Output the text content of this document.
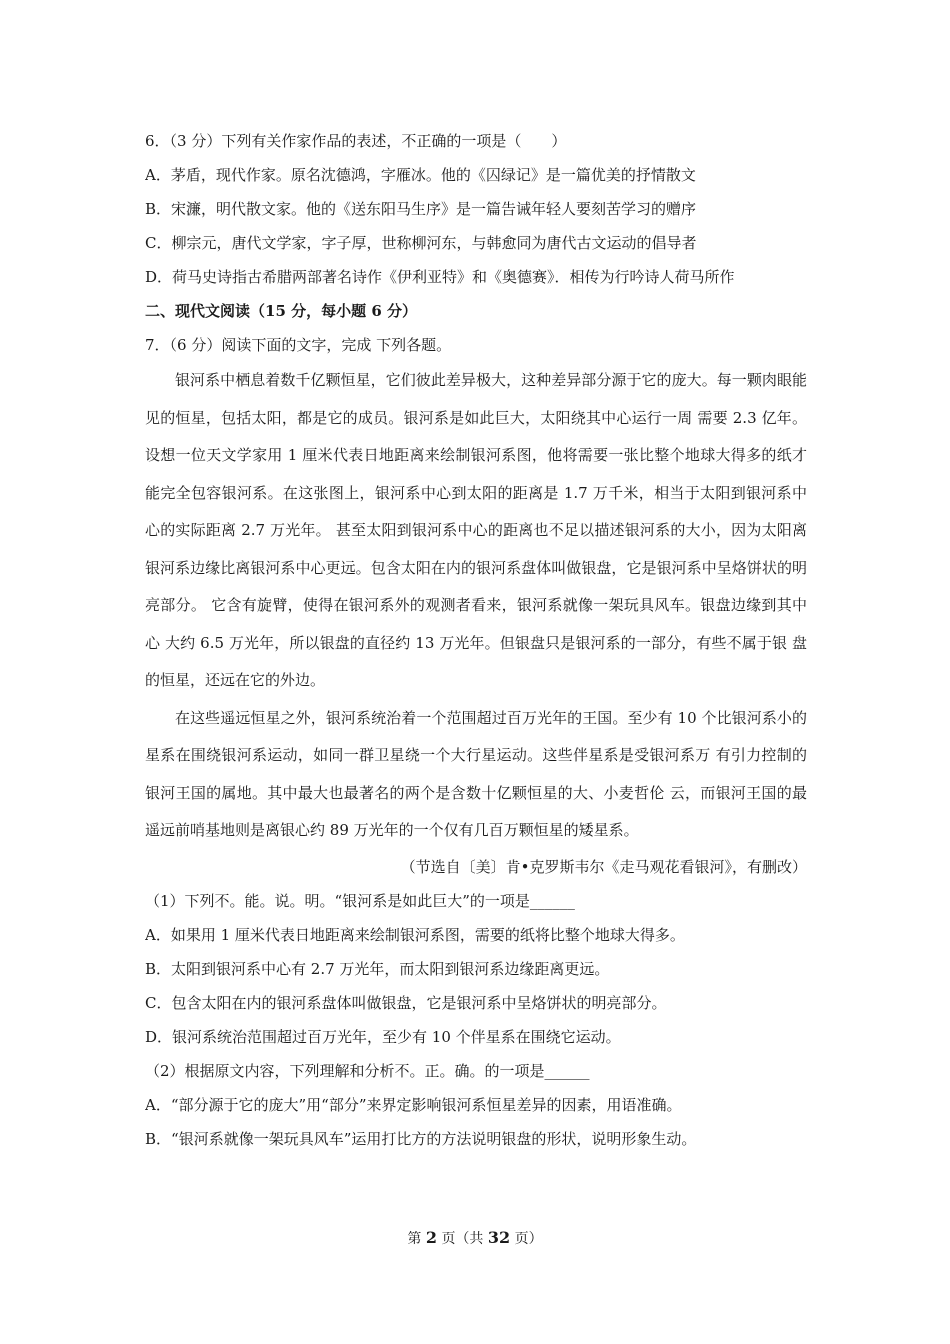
6．（3 分）下列有关作家作品的表述，不正确的一项是（　　）
A．茅盾，现代作家。原名沈德鸿，字雁冰。他的《囚绿记》是一篇优美的抒情散文
B．宋濂，明代散文家。他的《送东阳马生序》是一篇告诫年轻人要刻苦学习的赠序
C．柳宗元，唐代文学家，字子厚，世称柳河东，与韩愈同为唐代古文运动的倡导者
D．荷马史诗指古希腊两部著名诗作《伊利亚特》和《奥德赛》．相传为行吟诗人荷马所作
二、现代文阅读（15 分，每小题 6 分）
7．（6 分）阅读下面的文字，完成 下列各题。

银河系中栖息着数千亿颗恒星，它们彼此差异极大，这种差异部分源于它的庞大。每一颗肉眼能见的恒星，包括太阳，都是它的成员。银河系是如此巨大，太阳绕其中心运行一周 需要 2.3 亿年。设想一位天文学家用 1 厘米代表日地距离来绘制银河系图，他将需要一张比整个地球大得多的纸才能完全包容银河系。在这张图上，银河系中心到太阳的距离是 1.7 万千米，相当于太阳到银河系中心的实际距离 2.7 万光年。 甚至太阳到银河系中心的距离也不足以描述银河系的大小，因为太阳离银河系边缘比离银河系中心更远。包含太阳在内的银河系盘体叫做银盘，它是银河系中呈烙饼状的明亮部分。 它含有旋臂，使得在银河系外的观测者看来，银河系就像一架玩具风车。银盘边缘到其中心 大约 6.5 万光年，所以银盘的直径约 13 万光年。但银盘只是银河系的一部分，有些不属于银 盘的恒星，还远在它的外边。

在这些遥远恒星之外，银河系统治着一个范围超过百万光年的王国。至少有 10 个比银河系小的星系在围绕银河系运动，如同一群卫星绕一个大行星运动。这些伴星系是受银河系万 有引力控制的银河王国的属地。其中最大也最著名的两个是含数十亿颗恒星的大、小麦哲伦 云，而银河王国的最遥远前哨基地则是离银心约 89 万光年的一个仅有几百万颗恒星的矮星系。

（节选自〔美〕肯•克罗斯韦尔《走马观花看银河》，有删改）
（1）下列不。能。说。明。“银河系是如此巨大”的一项是______
A．如果用 1 厘米代表日地距离来绘制银河系图，需要的纸将比整个地球大得多。
B．太阳到银河系中心有 2.7 万光年，而太阳到银河系边缘距离更远。
C．包含太阳在内的银河系盘体叫做银盘，它是银河系中呈烙饼状的明亮部分。
D．银河系统治范围超过百万光年，至少有 10 个伴星系在围绕它运动。
（2）根据原文内容，下列理解和分析不。正。确。的一项是______
A．“部分源于它的庞大”用“部分”来界定影响银河系恒星差异的因素，用语准确。
B．“银河系就像一架玩具风车”运用打比方的方法说明银盘的形状，说明形象生动。
第 2 页（共 32 页）
